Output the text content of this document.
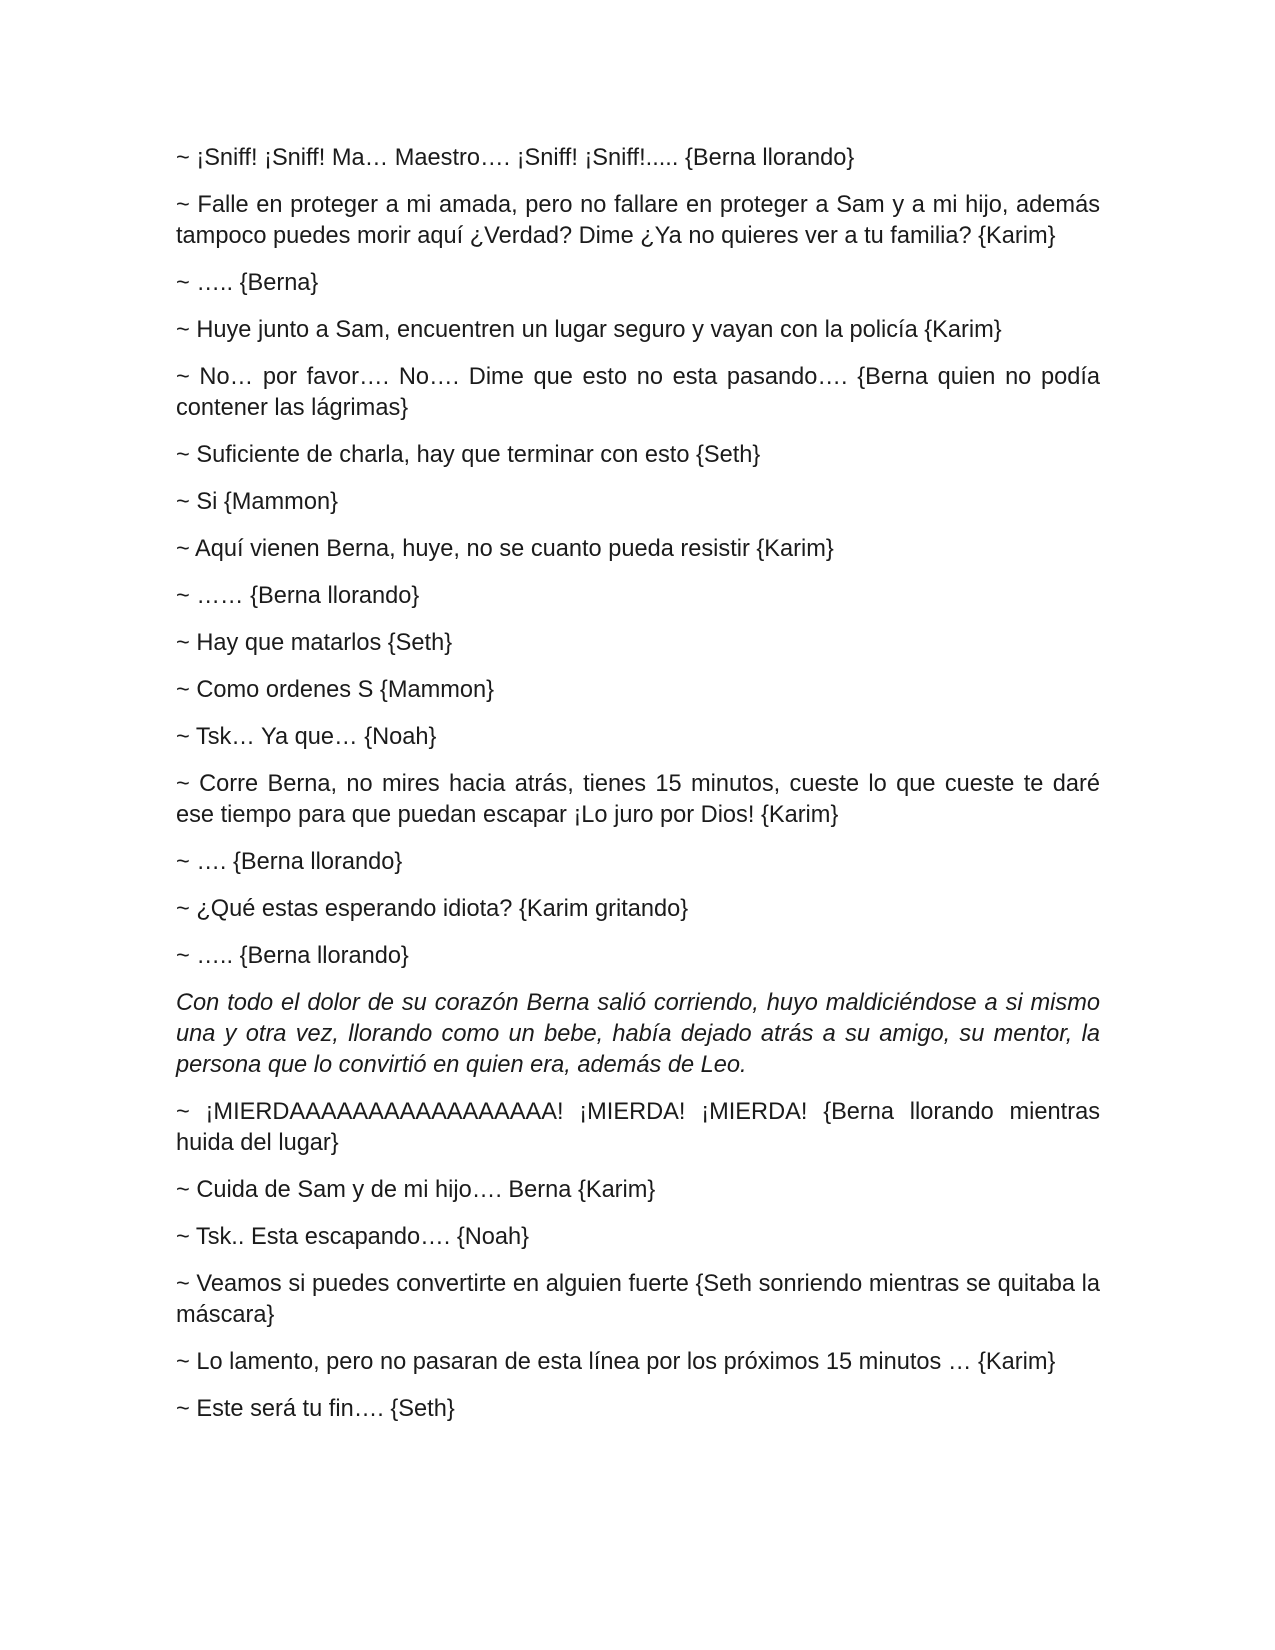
~ ¡Sniff! ¡Sniff! Ma… Maestro…. ¡Sniff! ¡Sniff!..... {Berna llorando}

~ Falle en proteger a mi amada, pero no fallare en proteger a Sam y a mi hijo, además tampoco puedes morir aquí ¿Verdad? Dime ¿Ya no quieres ver a tu familia? {Karim}

~ ….. {Berna}

~ Huye junto a Sam, encuentren un lugar seguro y vayan con la policía {Karim}

~ No… por favor…. No…. Dime que esto no esta pasando…. {Berna quien no podía contener las lágrimas}

~ Suficiente de charla, hay que terminar con esto {Seth}

~ Si {Mammon}

~ Aquí vienen Berna, huye, no se cuanto pueda resistir {Karim}

~ …… {Berna llorando}

~ Hay que matarlos {Seth}

~ Como ordenes S {Mammon}

~ Tsk… Ya que… {Noah}

~ Corre Berna, no mires hacia atrás, tienes 15 minutos, cueste lo que cueste te daré ese tiempo para que puedan escapar ¡Lo juro por Dios! {Karim}

~ …. {Berna llorando}

~ ¿Qué estas esperando idiota? {Karim gritando}

~ ….. {Berna llorando}

Con todo el dolor de su corazón Berna salió corriendo, huyo maldiciéndose a si mismo una y otra vez, llorando como un bebe, había dejado atrás a su amigo, su mentor, la persona que lo convirtió en quien era, además de Leo.

~ ¡MIERDAAAAAAAAAAAAAAAAA! ¡MIERDA! ¡MIERDA! {Berna llorando mientras huida del lugar}

~ Cuida de Sam y de mi hijo…. Berna {Karim}

~ Tsk.. Esta escapando…. {Noah}

~ Veamos si puedes convertirte en alguien fuerte {Seth sonriendo mientras se quitaba la máscara}

~ Lo lamento, pero no pasaran de esta línea por los próximos 15 minutos … {Karim}

~ Este será tu fin…. {Seth}
